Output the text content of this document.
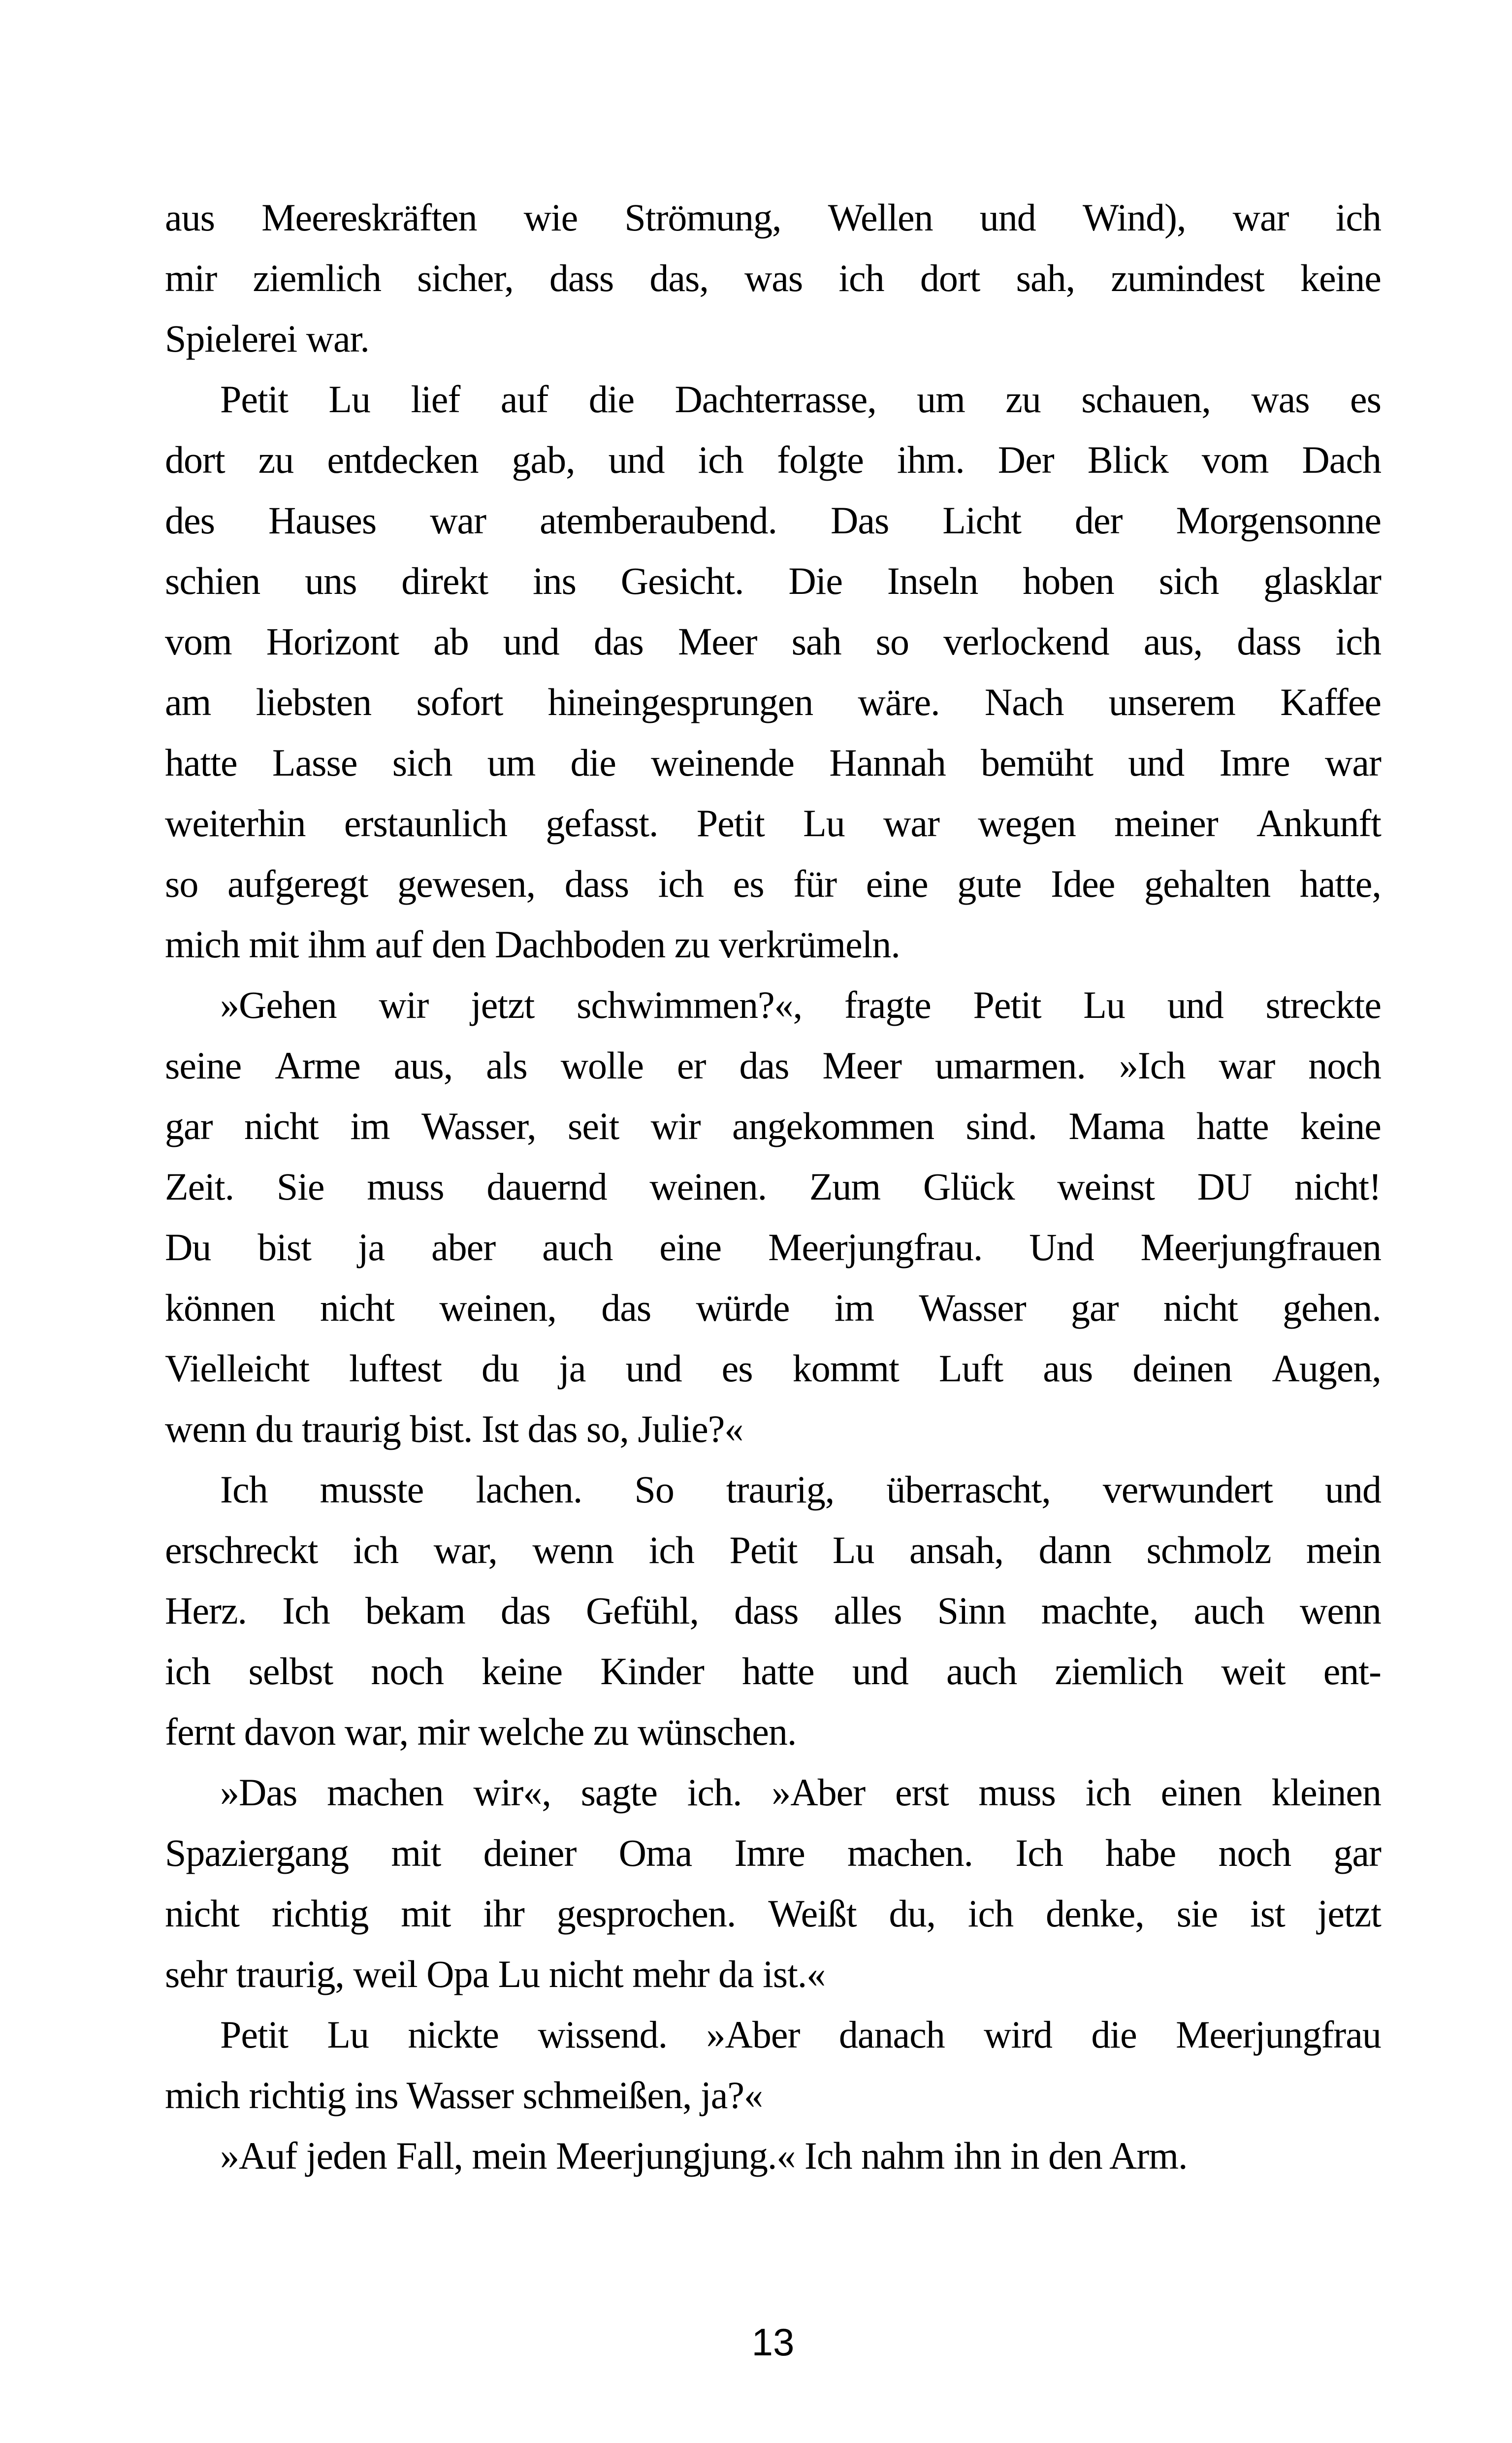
aus Meereskräften wie Strömung, Wellen und Wind), war ich
mir ziemlich sicher, dass das, was ich dort sah, zumindest keine
Spielerei war.
Petit Lu lief auf die Dachterrasse, um zu schauen, was es
dort zu entdecken gab, und ich folgte ihm. Der Blick vom Dach
des Hauses war atemberaubend. Das Licht der Morgensonne
schien uns direkt ins Gesicht. Die Inseln hoben sich glasklar
vom Horizont ab und das Meer sah so verlockend aus, dass ich
am liebsten sofort hineingesprungen wäre. Nach unserem Kaffee
hatte Lasse sich um die weinende Hannah bemüht und Imre war
weiterhin erstaunlich gefasst. Petit Lu war wegen meiner Ankunft
so aufgeregt gewesen, dass ich es für eine gute Idee gehalten hatte,
mich mit ihm auf den Dachboden zu verkrümeln.
»Gehen wir jetzt schwimmen?«, fragte Petit Lu und streckte
seine Arme aus, als wolle er das Meer umarmen. »Ich war noch
gar nicht im Wasser, seit wir angekommen sind. Mama hatte keine
Zeit. Sie muss dauernd weinen. Zum Glück weinst DU nicht!
Du bist ja aber auch eine Meerjungfrau. Und Meerjungfrauen
können nicht weinen, das würde im Wasser gar nicht gehen.
Vielleicht luftest du ja und es kommt Luft aus deinen Augen,
wenn du traurig bist. Ist das so, Julie?«
Ich musste lachen. So traurig, überrascht, verwundert und
erschreckt ich war, wenn ich Petit Lu ansah, dann schmolz mein
Herz. Ich bekam das Gefühl, dass alles Sinn machte, auch wenn
ich selbst noch keine Kinder hatte und auch ziemlich weit ent-
fernt davon war, mir welche zu wünschen.
»Das machen wir«, sagte ich. »Aber erst muss ich einen kleinen
Spaziergang mit deiner Oma Imre machen. Ich habe noch gar
nicht richtig mit ihr gesprochen. Weißt du, ich denke, sie ist jetzt
sehr traurig, weil Opa Lu nicht mehr da ist.«
Petit Lu nickte wissend. »Aber danach wird die Meerjungfrau
mich richtig ins Wasser schmeißen, ja?«
»Auf jeden Fall, mein Meerjungjung.« Ich nahm ihn in den Arm.
13
